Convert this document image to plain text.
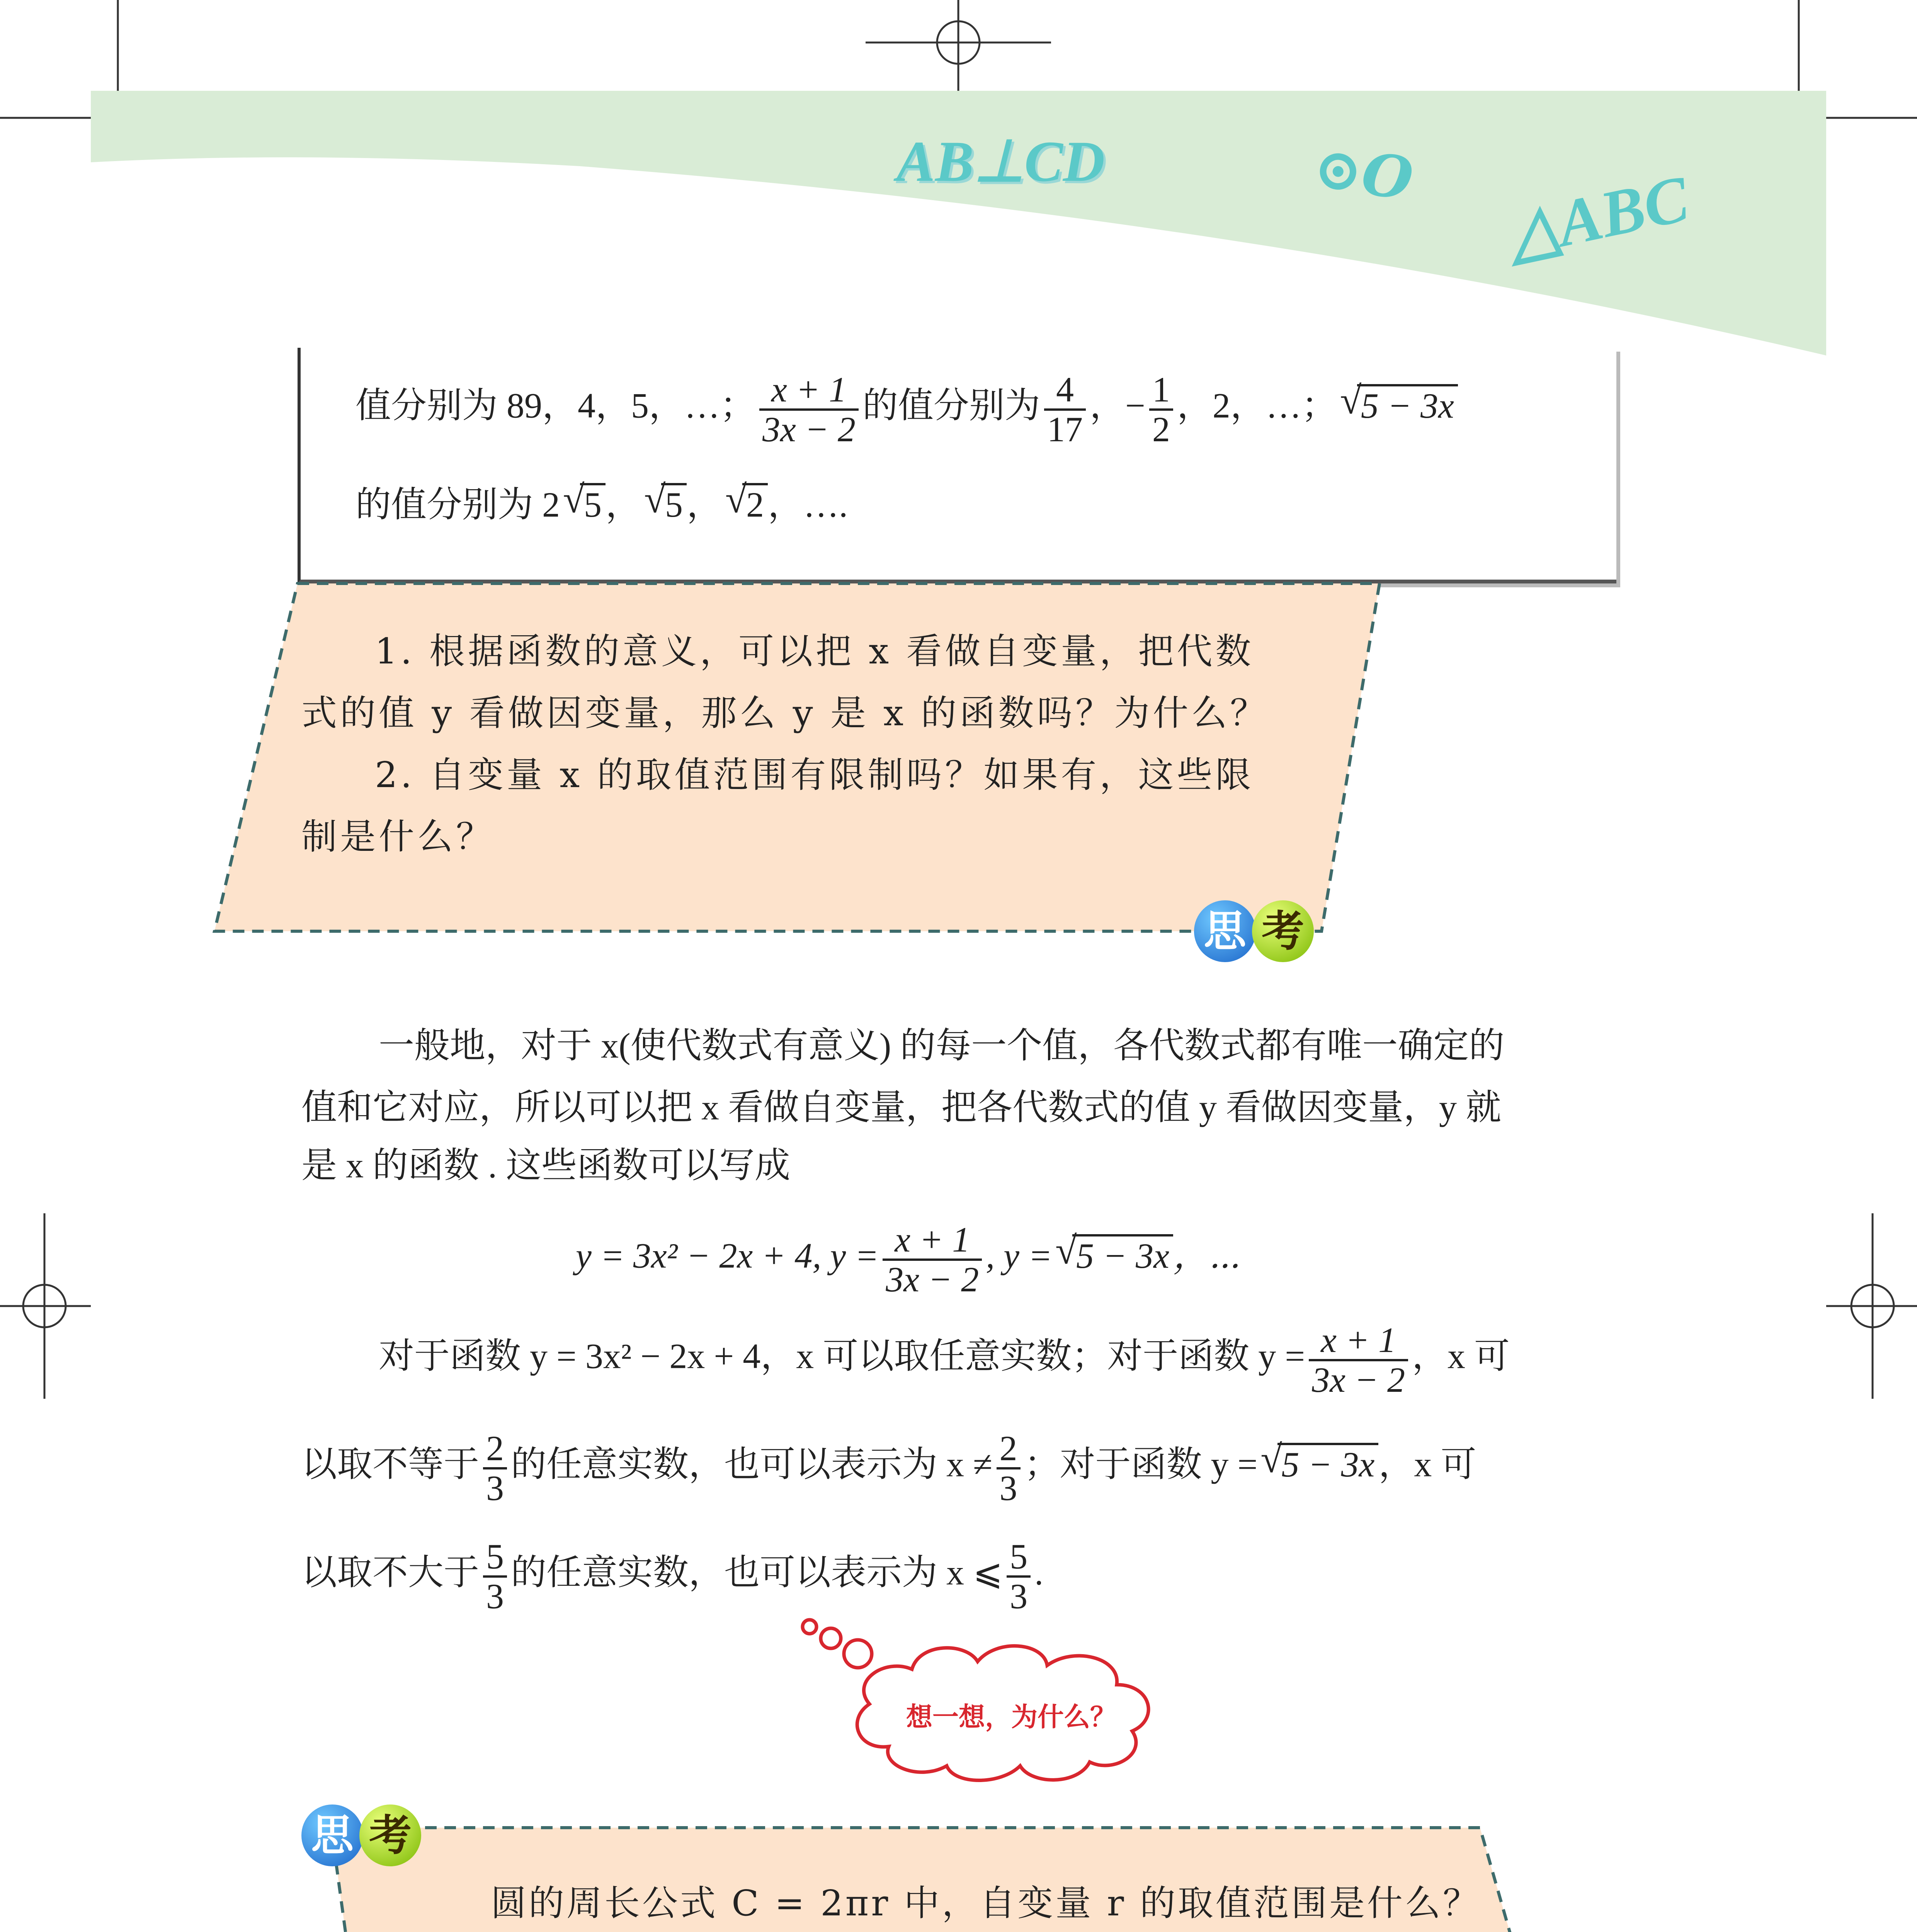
AB⊥CD	⊙O △ABC
值分别为 89，4，5，…； $\frac{x + 1}{3x - 2}$ 的值分别为 $\frac{4}{17}$ ，− $\frac{1}{2}$ ，2，…； √
5 − 3x
的值分别为 2 √
5 ， √
5 ， √
2 ，….
1. 根据函数的意义，可以把 x 看做自变量，把代数
式的值 y 看做因变量，那么 y 是 x 的函数吗？为什么？
2. 自变量 x 的取值范围有限制吗？如果有，这些限
制是什么？
思 考
一般地，对于 x(使代数式有意义) 的每一个值，各代数式都有唯一确定的
值和它对应，所以可以把 x 看做自变量，把各代数式的值 y 看做因变量，y 就
是 x 的函数 . 这些函数可以写成
y = 3x² − 2x + 4, $y = \frac{x + 1}{3x - 2}$ , y = √
5 − 3x ，⋯
对于函数 y = 3x² − 2x + 4，x 可以取任意实数；对于函数 $y = \frac{x + 1}{3x - 2}$ ，x 可
以取不等于 $\frac{2}{3}$ 的任意实数，也可以表示为 $x \ne \frac{2}{3}$ ；对于函数 y = √
5 − 3x ，x 可
以取不大于 $\frac{5}{3}$ 的任意实数，也可以表示为 x ⩽ $\frac{5}{3}$ .
想一想，为什么？
思 考
圆的周长公式 C = 2πr 中，自变量 r 的取值范围是什么？
